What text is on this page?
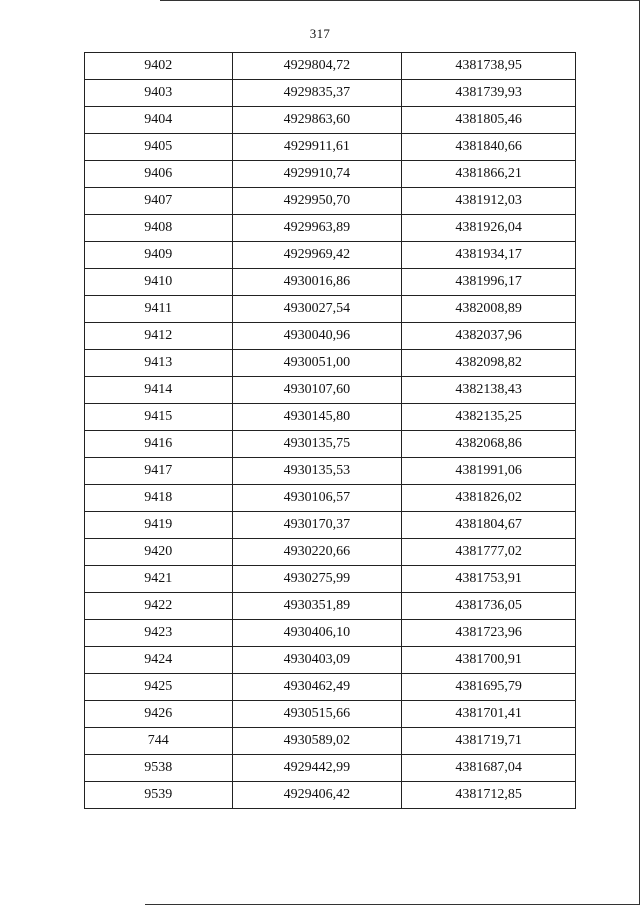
317
9402	4929804,72	4381738,95
9403	4929835,37	4381739,93
9404	4929863,60	4381805,46
9405	4929911,61	4381840,66
9406	4929910,74	4381866,21
9407	4929950,70	4381912,03
9408	4929963,89	4381926,04
9409	4929969,42	4381934,17
9410	4930016,86	4381996,17
9411	4930027,54	4382008,89
9412	4930040,96	4382037,96
9413	4930051,00	4382098,82
9414	4930107,60	4382138,43
9415	4930145,80	4382135,25
9416	4930135,75	4382068,86
9417	4930135,53	4381991,06
9418	4930106,57	4381826,02
9419	4930170,37	4381804,67
9420	4930220,66	4381777,02
9421	4930275,99	4381753,91
9422	4930351,89	4381736,05
9423	4930406,10	4381723,96
9424	4930403,09	4381700,91
9425	4930462,49	4381695,79
9426	4930515,66	4381701,41
744	4930589,02	4381719,71
9538	4929442,99	4381687,04
9539	4929406,42	4381712,85
